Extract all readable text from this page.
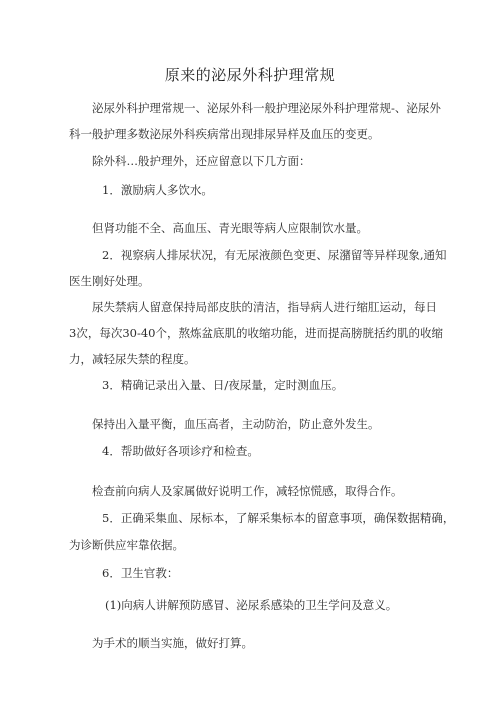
原来的泌尿外科护理常规
泌尿外科护理常规一、泌尿外科一般护理泌尿外科护理常规-、泌尿外
科一般护理多数泌尿外科疾病常出现排尿异样及血压的变更。
除外科…般护理外，还应留意以下几方面：
1．激励病人多饮水。
但肾功能不全、高血压、青光眼等病人应限制饮水量。
2．视察病人排尿状况，有无尿液颜色变更、尿潴留等异样现象,通知
医生刚好处理。
尿失禁病人留意保持局部皮肤的清洁，指导病人进行缩肛运动，每日
3次，每次30-40个，熬炼盆底肌的收缩功能，进而提高膀胱括约肌的收缩
力，减轻尿失禁的程度。
3．精确记录出入量、日/夜尿量，定时测血压。
保持出入量平衡，血压高者，主动防治，防止意外发生。
4．帮助做好各项诊疗和检查。
检查前向病人及家属做好说明工作，减轻惊慌感，取得合作。
5．正确采集血、尿标本，了解采集标本的留意事项，确保数据精确，
为诊断供应牢靠依据。
6．卫生官教：
(1)向病人讲解预防感冒、泌尿系感染的卫生学问及意义。
为手术的顺当实施，做好打算。
